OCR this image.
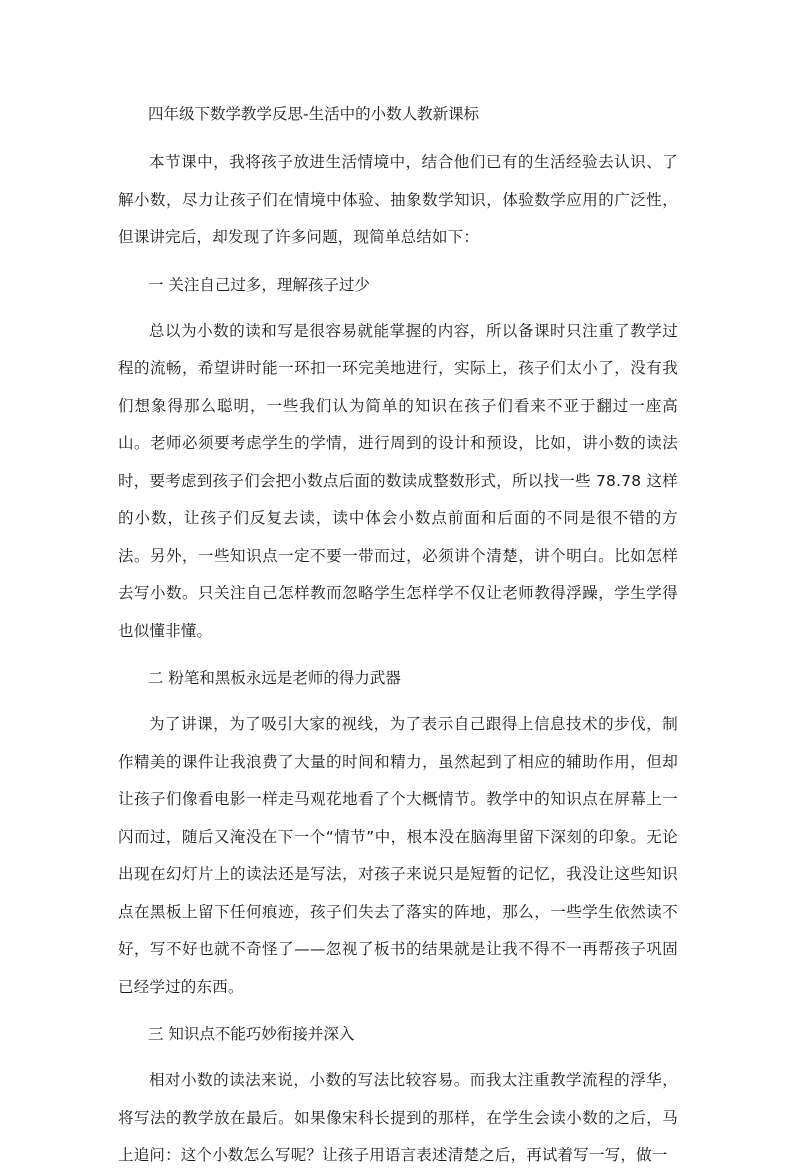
四年级下数学教学反思-生活中的小数人教新课标

本节课中，我将孩子放进生活情境中，结合他们已有的生活经验去认识、了解小数，尽力让孩子们在情境中体验、抽象数学知识，体验数学应用的广泛性，但课讲完后，却发现了许多问题，现简单总结如下：

一 关注自己过多，理解孩子过少

总以为小数的读和写是很容易就能掌握的内容，所以备课时只注重了教学过程的流畅，希望讲时能一环扣一环完美地进行，实际上，孩子们太小了，没有我们想象得那么聪明，一些我们认为简单的知识在孩子们看来不亚于翻过一座高山。老师必须要考虑学生的学情，进行周到的设计和预设，比如，讲小数的读法时，要考虑到孩子们会把小数点后面的数读成整数形式，所以找一些 78.78 这样的小数，让孩子们反复去读，读中体会小数点前面和后面的不同是很不错的方法。另外，一些知识点一定不要一带而过，必须讲个清楚，讲个明白。比如怎样去写小数。只关注自己怎样教而忽略学生怎样学不仅让老师教得浮躁，学生学得也似懂非懂。

二 粉笔和黑板永远是老师的得力武器

为了讲课，为了吸引大家的视线，为了表示自己跟得上信息技术的步伐，制作精美的课件让我浪费了大量的时间和精力，虽然起到了相应的辅助作用，但却让孩子们像看电影一样走马观花地看了个大概情节。教学中的知识点在屏幕上一闪而过，随后又淹没在下一个“情节”中，根本没在脑海里留下深刻的印象。无论出现在幻灯片上的读法还是写法，对孩子来说只是短暂的记忆，我没让这些知识点在黑板上留下任何痕迹，孩子们失去了落实的阵地，那么，一些学生依然读不好，写不好也就不奇怪了——忽视了板书的结果就是让我不得不一再帮孩子巩固已经学过的东西。

三 知识点不能巧妙衔接并深入

相对小数的读法来说，小数的写法比较容易。而我太注重教学流程的浮华，将写法的教学放在最后。如果像宋科长提到的那样，在学生会读小数的之后，马上追问：这个小数怎么写呢？让孩子用语言表述清楚之后，再试着写一写，做一
